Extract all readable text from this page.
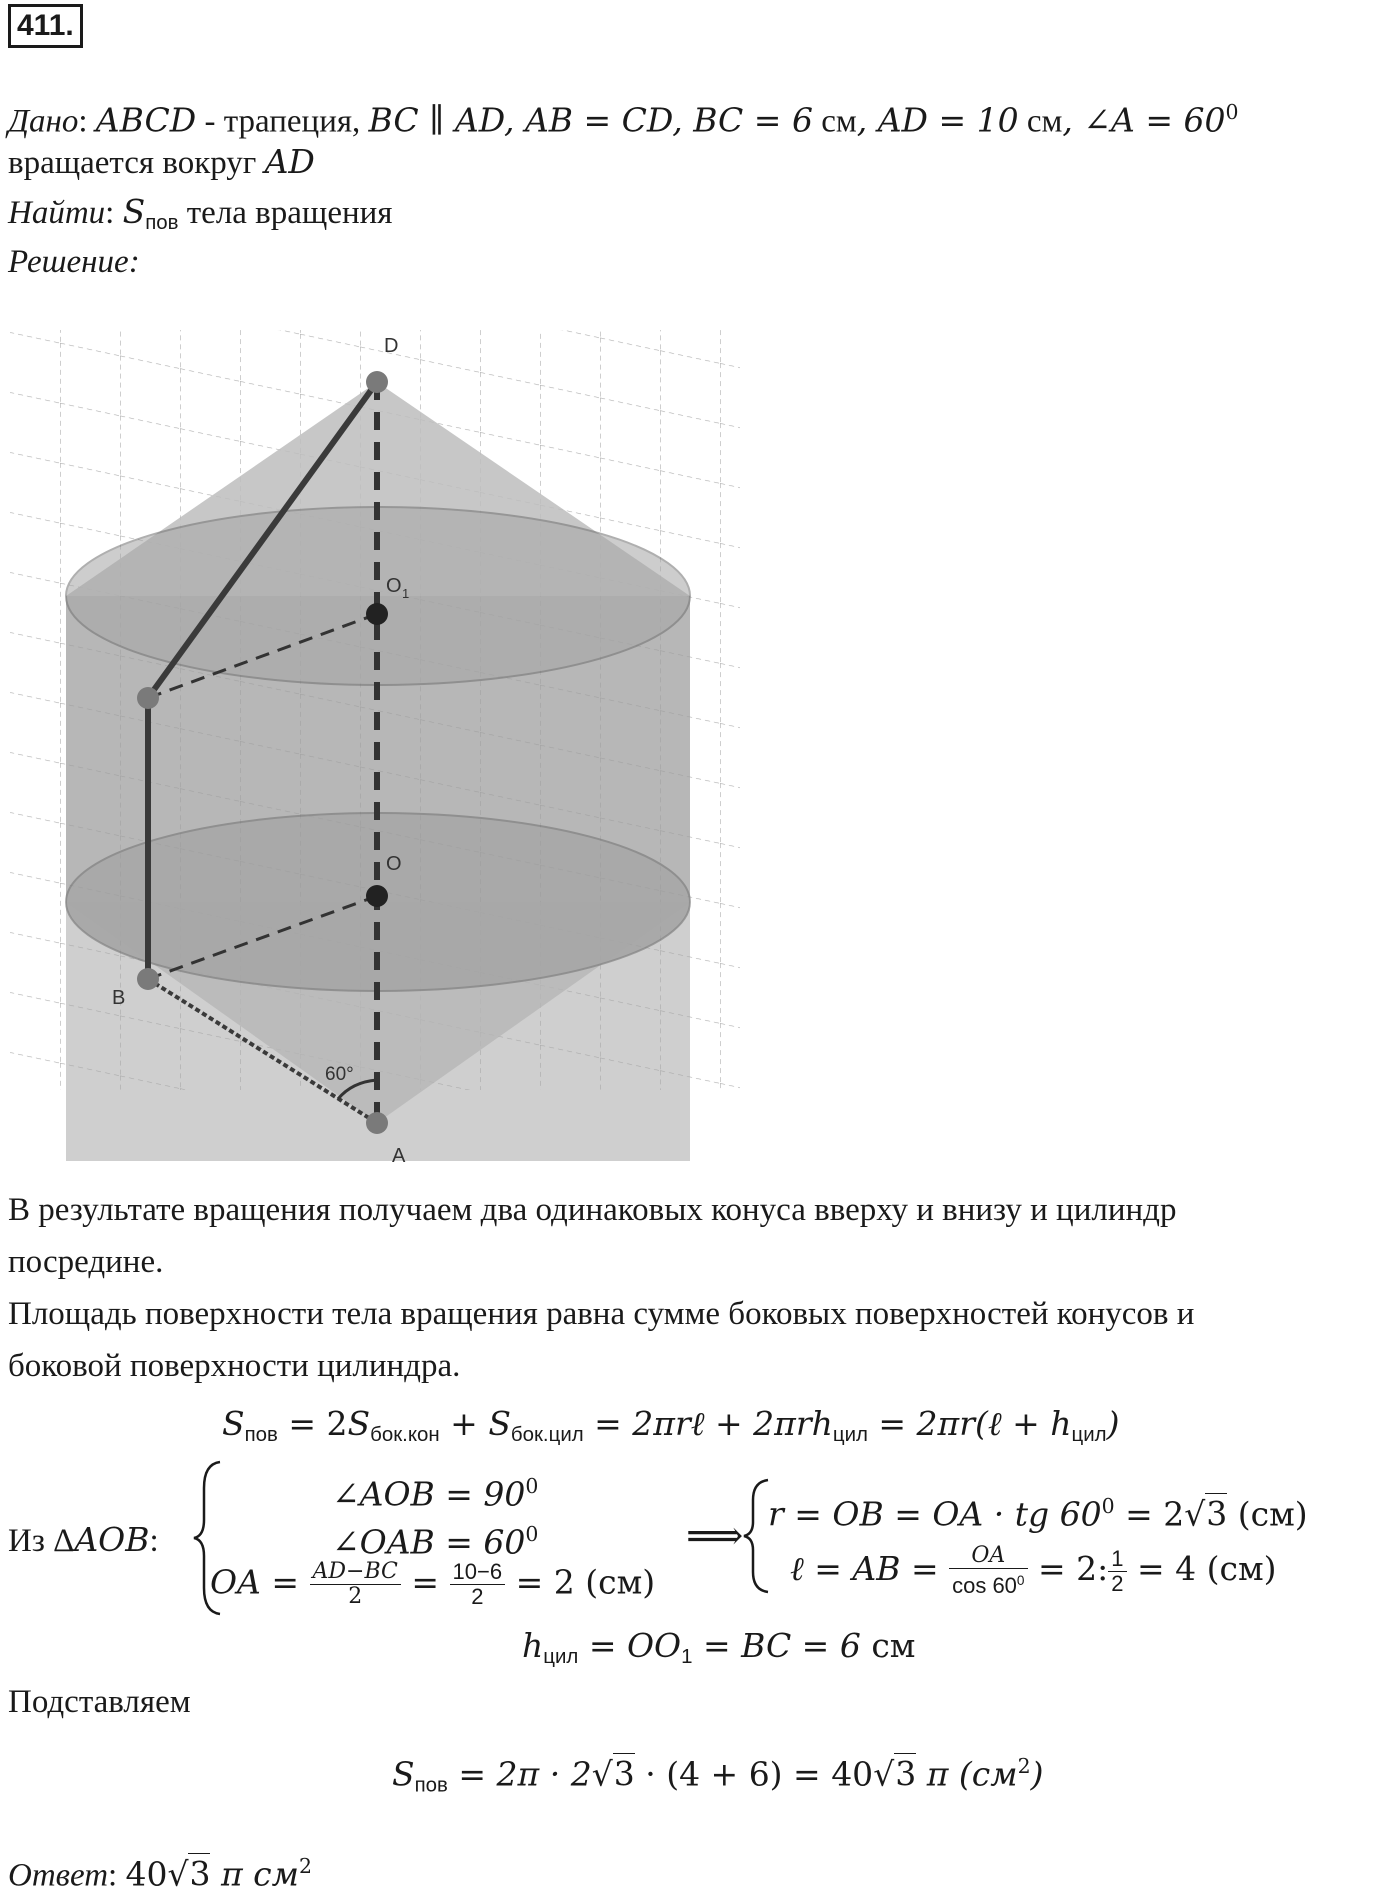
411.
Дано: ABCD - трапеция, BC ∥ AD, AB = CD, BC = 6 см, AD = 10 см, ∠A = $60^0$
вращается вокруг AD
Найти: $S_{пов}$ тела вращения
Решение:
D
O 1
O
B
A
60°
В результате вращения получаем два одинаковых конуса вверху и внизу и цилиндр
посредине.
Площадь поверхности тела вращения равна сумме боковых поверхностей конусов и
боковой поверхности цилиндра.
$S_{пов} = 2S_{бок.кон} + S_{бок.цил}$ = 2πrℓ + 2πrh$_{цил}$ = 2πr(ℓ + $h_{цил}$)
Из ΔAOB:
∠AOB = $90^0$
∠OAB = $60^0$
OA = $\frac{AD-BC}{2} = \frac{10-6}{2} = 2$ (см)
⟹ r = OB = OA · tg $60^0 = 2√3$ (см)
ℓ = AB = $\frac{OA}{\cos 60^0} = 2$: $\frac{1}{2} = 4$ (см)
$h_{цил} = OO_1$ = BC = 6 см
Подставляем
$S_{пов} = 2\pi \cdot 2√3 \cdot (4 + 6) = 40√3$ π $(см^2)$
Ответ: 40√3 π $см^2$
